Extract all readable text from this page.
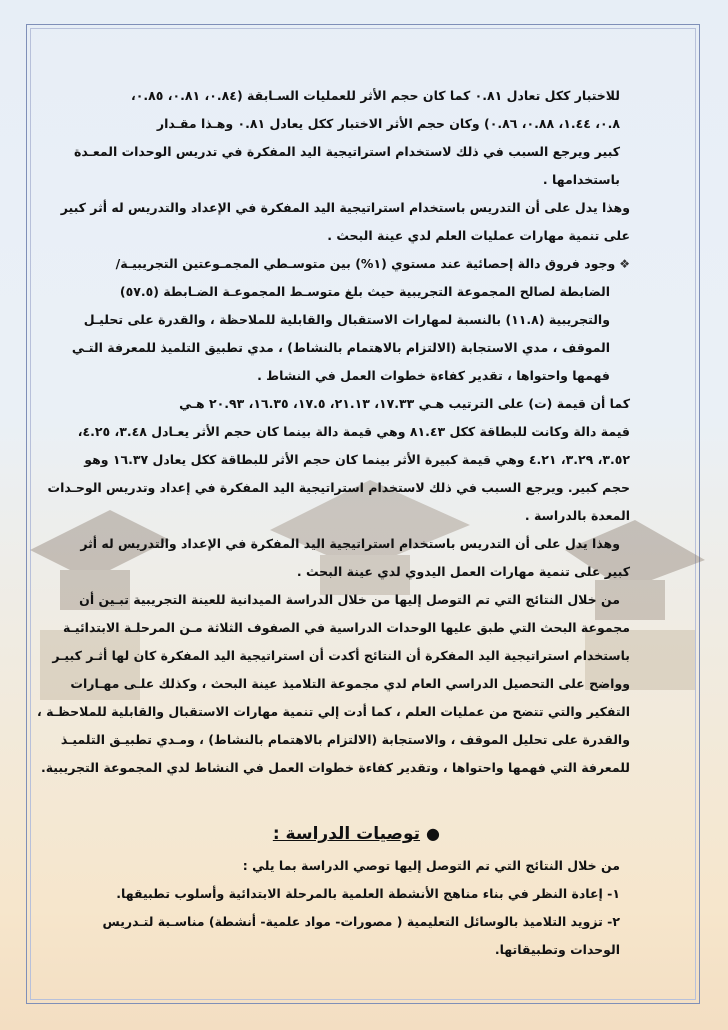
للاختبار ككل تعادل ٠.٨١ كما كان حجم الأثر للعمليات السـابقة (٠.٨٤، ٠.٨١، ٠.٨٥،
٠.٨، ١.٤٤، ٠.٨٨، ٠.٨٦) وكان حجم الأثر الاختبار ككل يعادل ٠.٨١ وهـذا مقـدار
كبير ويرجع السبب في ذلك لاستخدام استراتيجية اليد المفكرة في تدريس الوحدات المعـدة
باستخدامها .
وهذا يدل على أن التدريس باستخدام استراتيجية اليد المفكرة في الإعداد والتدريس له أثر كبير
على تنمية مهارات عمليات العلم لدي عينة البحث .
❖وجود فروق دالة إحصائية عند مستوي (١%) بين متوسـطي المجمـوعتين التجريبيـة/
الضابطة لصالح المجموعة التجريبية حيث بلغ متوسـط المجموعـة الضـابطة (٥٧.٥)
والتجريبية (١١.٨) بالنسبة لمهارات الاستقبال والقابلية للملاحظة ، والقدرة على تحليـل
الموقف ، مدي الاستجابة (الالتزام بالاهتمام بالنشاط) ، مدي تطبيق التلميذ للمعرفة التـي
فهمها واحتواها ، تقدير كفاءة خطوات العمل في النشاط .
كما أن قيمة (ت) على الترتيب هـي ١٧.٣٣، ٢١.١٣، ١٧.٥، ١٦.٣٥، ٢٠.٩٣ هـي
قيمة دالة وكانت للبطاقة ككل ٨١.٤٣ وهي قيمة دالة بينما كان حجم الأثر يعـادل ٣.٤٨، ٤.٢٥،
٣.٥٢، ٣.٢٩، ٤.٢١ وهي قيمة كبيرة الأثر بينما كان حجم الأثر للبطاقة ككل يعادل ١٦.٣٧ وهو
حجم كبير. ويرجع السبب في ذلك لاستخدام استراتيجية اليد المفكرة في إعداد وتدريس الوحـدات
المعدة بالدراسة .
وهذا يدل على أن التدريس باستخدام استراتيجية اليد المفكرة في الإعداد والتدريس له أثر
كبير على تنمية مهارات العمل اليدوي لدي عينة البحث .
من خلال النتائج التي تم التوصل إليها من خلال الدراسة الميدانية للعينة التجريبية تبـين أن
مجموعة البحث التي طبق عليها الوحدات الدراسية في الصفوف الثلاثة مـن المرحلـة الابتدائيـة
باستخدام استراتيجية اليد المفكرة أن النتائج أكدت أن استراتيجية اليد المفكرة كان لها أثـر كبيـر
وواضح على التحصيل الدراسي العام لدي مجموعة التلاميذ عينة البحث ، وكذلك علـى مهـارات
التفكير والتي تتضح من عمليات العلم ، كما أدت إلي تنمية مهارات الاستقبال والقابلية للملاحظـة ،
والقدرة على تحليل الموقف ، والاستجابة (الالتزام بالاهتمام بالنشاط) ، ومـدي تطبيـق التلميـذ
للمعرفة التي فهمها واحتواها ، وتقدير كفاءة خطوات العمل في النشاط لدي المجموعة التجريبية.
●توصيات الدراسة :
من خلال النتائج التي تم التوصل إليها توصي الدراسة بما يلي :
١- إعادة النظر في بناء مناهج الأنشطة العلمية بالمرحلة الابتدائية وأسلوب تطبيقها.
٢- تزويد التلاميذ بالوسائل التعليمية ( مصورات- مواد علمية- أنشطة) مناسـبة لتـدريس
الوحدات وتطبيقاتها.
